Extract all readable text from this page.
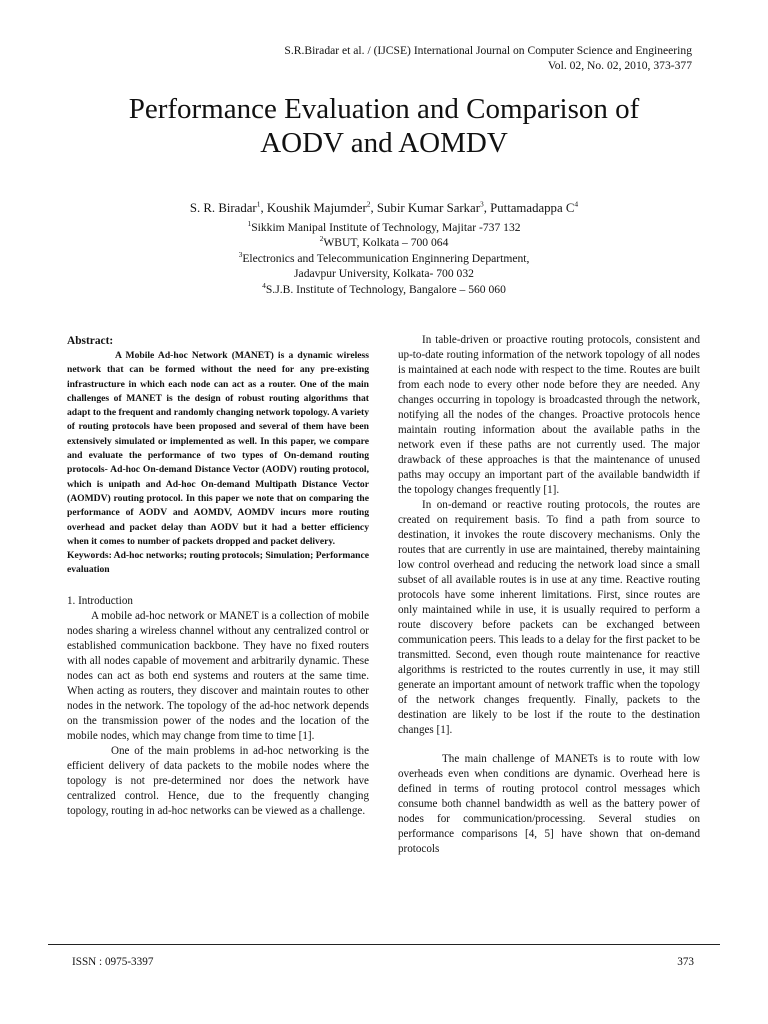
S.R.Biradar et al. / (IJCSE) International Journal on Computer Science and Engineering
Vol. 02, No. 02, 2010, 373-377
Performance Evaluation and Comparison of
AODV and AOMDV

S. R. Biradar$^1$, Koushik Majumder$^2$, Subir Kumar Sarkar$^3$, Puttamadappa $C^4$

$^1$Sikkim Manipal Institute of Technology, Majitar -737 132

$^2$WBUT, Kolkata – 700 064

$^3$Electronics and Telecommunication Enginnering Department,

Jadavpur University, Kolkata- 700 032

$^4$S.J.B. Institute of Technology, Bangalore – 560 060

Abstract:

A Mobile Ad-hoc Network (MANET) is a dynamic wireless network that can be formed without the need for any pre-existing infrastructure in which each node can act as a router. One of the main challenges of MANET is the design of robust routing algorithms that adapt to the frequent and randomly changing network topology. A variety of routing protocols have been proposed and several of them have been extensively simulated or implemented as well. In this paper, we compare and evaluate the performance of two types of On-demand routing protocols- Ad-hoc On-demand Distance Vector (AODV) routing protocol, which is unipath and Ad-hoc On-demand Multipath Distance Vector (AOMDV) routing protocol. In this paper we note that on comparing the performance of AODV and AOMDV, AOMDV incurs more routing overhead and packet delay than AODV but it had a better efficiency when it comes to number of packets dropped and packet delivery.

Keywords: Ad-hoc networks; routing protocols; Simulation; Performance evaluation

1. Introduction

A mobile ad-hoc network or MANET is a collection of mobile nodes sharing a wireless channel without any centralized control or established communication backbone. They have no fixed routers with all nodes capable of movement and arbitrarily dynamic. These nodes can act as both end systems and routers at the same time. When acting as routers, they discover and maintain routes to other nodes in the network. The topology of the ad-hoc network depends on the transmission power of the nodes and the location of the mobile nodes, which may change from time to time [1].

One of the main problems in ad-hoc networking is the efficient delivery of data packets to the mobile nodes where the topology is not pre-determined nor does the network have centralized control. Hence, due to the frequently changing topology, routing in ad-hoc networks can be viewed as a challenge.

In table-driven or proactive routing protocols, consistent and up-to-date routing information of the network topology of all nodes is maintained at each node with respect to the time. Routes are built from each node to every other node before they are needed. Any changes occurring in topology is broadcasted through the network, notifying all the nodes of the changes. Proactive protocols hence maintain routing information about the available paths in the network even if these paths are not currently used. The major drawback of these approaches is that the maintenance of unused paths may occupy an important part of the available bandwidth if the topology changes frequently [1].

In on-demand or reactive routing protocols, the routes are created on requirement basis. To find a path from source to destination, it invokes the route discovery mechanisms. Only the routes that are currently in use are maintained, thereby maintaining low control overhead and reducing the network load since a small subset of all available routes is in use at any time. Reactive routing protocols have some inherent limitations. First, since routes are only maintained while in use, it is usually required to perform a route discovery before packets can be exchanged between communication peers. This leads to a delay for the first packet to be transmitted. Second, even though route maintenance for reactive algorithms is restricted to the routes currently in use, it may still generate an important amount of network traffic when the topology of the network changes frequently. Finally, packets to the destination are likely to be lost if the route to the destination changes [1].

The main challenge of MANETs is to route with low overheads even when conditions are dynamic. Overhead here is defined in terms of routing protocol control messages which consume both channel bandwidth as well as the battery power of nodes for communication/processing. Several studies on performance comparisons [4, 5] have shown that on-demand protocols

ISSN : 0975-3397	373
